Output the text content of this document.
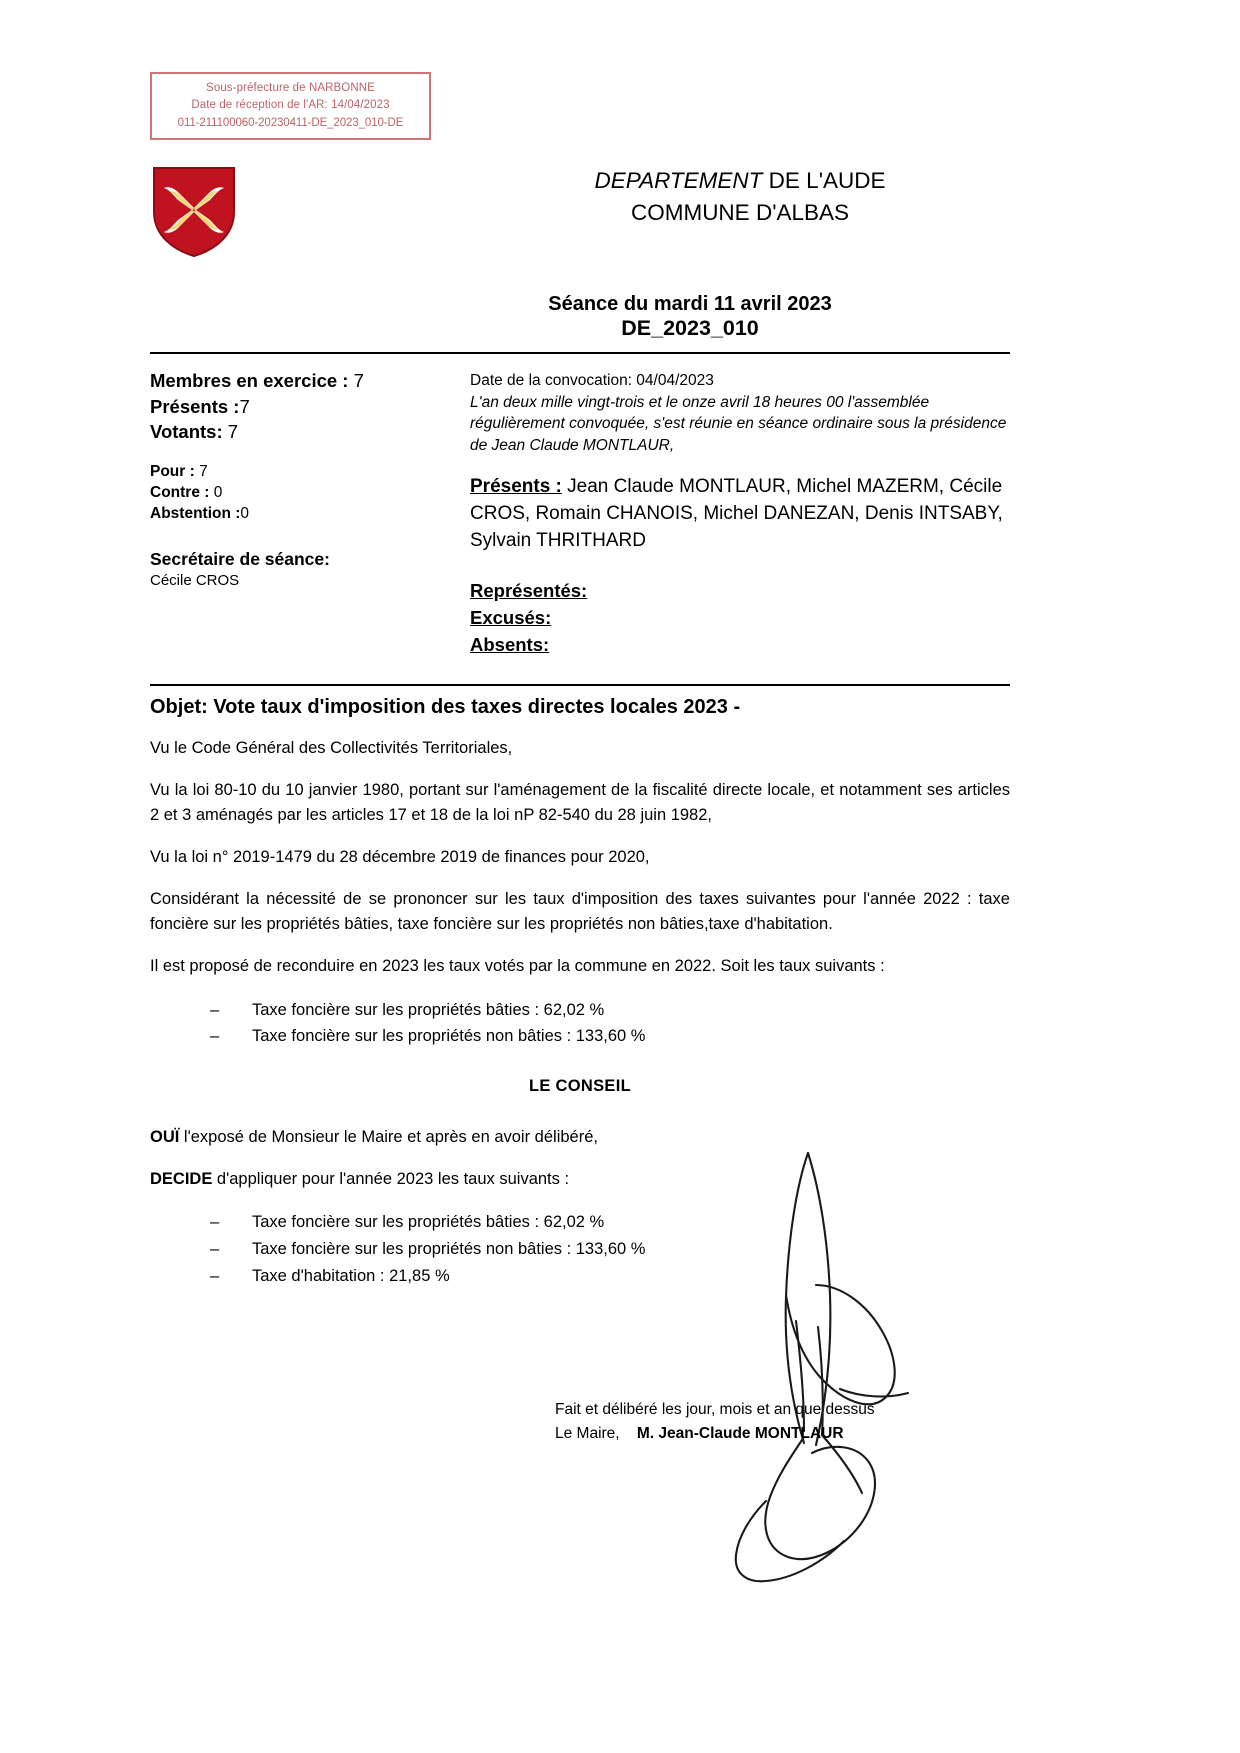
Sous-préfecture de NARBONNE
Date de réception de l'AR: 14/04/2023
011-211100060-20230411-DE_2023_010-DE
DEPARTEMENT DE L'AUDE
COMMUNE D'ALBAS
Séance du mardi 11 avril 2023
DE_2023_010
Membres en exercice : 7
Présents :7
Votants: 7
Pour : 7
Contre : 0
Abstention :0
Secrétaire de séance:
Cécile CROS
Date de la convocation: 04/04/2023
L'an deux mille vingt-trois et le onze avril 18 heures 00 l'assemblée régulièrement convoquée, s'est réunie en séance ordinaire sous la présidence de Jean Claude MONTLAUR,
Présents : Jean Claude MONTLAUR, Michel MAZERM, Cécile CROS, Romain CHANOIS, Michel DANEZAN, Denis INTSABY, Sylvain THRITHARD
Représentés:
Excusés:
Absents:
Objet: Vote taux d'imposition des taxes directes locales 2023 -

Vu le Code Général des Collectivités Territoriales,

Vu la loi 80-10 du 10 janvier 1980, portant sur l'aménagement de la fiscalité directe locale, et notamment ses articles 2 et 3 aménagés par les articles 17 et 18 de la loi nP 82-540 du 28 juin 1982,

Vu la loi n° 2019-1479 du 28 décembre 2019 de finances pour 2020,

Considérant la nécessité de se prononcer sur les taux d'imposition des taxes suivantes pour l'année 2022 : taxe foncière sur les propriétés bâties, taxe foncière sur les propriétés non bâties,taxe d'habitation.

Il est proposé de reconduire en 2023 les taux votés par la commune en 2022. Soit les taux suivants :

– Taxe foncière sur les propriétés bâties : 62,02 %
– Taxe foncière sur les propriétés non bâties : 133,60 %
LE CONSEIL

OUÏ l'exposé de Monsieur le Maire et après en avoir délibéré,

DECIDE d'appliquer pour l'année 2023 les taux suivants :

– Taxe foncière sur les propriétés bâties : 62,02 %
– Taxe foncière sur les propriétés non bâties : 133,60 %
– Taxe d'habitation : 21,85 %
Fait et délibéré les jour, mois et an que dessus
Le Maire, M. Jean-Claude MONTLAUR
